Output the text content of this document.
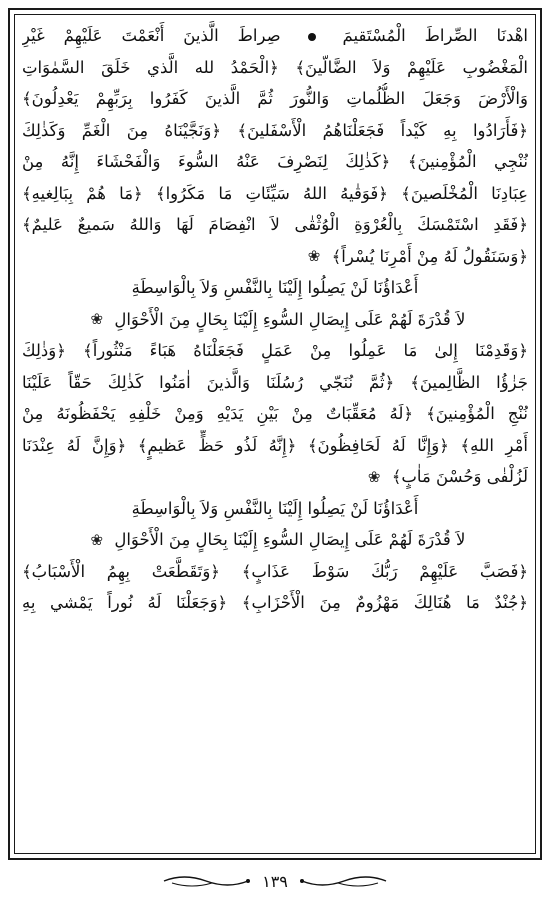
اهْدنَا الصِّراطَ الْمُسْتَقيمَ  صِراطَ الَّذينَ أَنْعَمْتَ عَلَيْهِمْ غَيْرِ
الْمَغْضُوبِ عَلَيْهِمْ وَلاَ الضَّالّينَ﴾ ﴿الْحَمْدُ لله الَّذي خَلَقَ السَّمٰوَاتِ
وَالْأَرْضَ وَجَعَلَ الظُّلُماتِ وَالنُّورَ ثُمَّ الَّذينَ كَفَرُوا بِرَبِّهِمْ يَعْدِلُونَ﴾
﴿فَأَرَادُوا بِهِ كَيْداً فَجَعَلْنَاهُمُ الْأَسْفَلينَ﴾ ﴿وَنَجَّيْنَاهُ مِنَ الْغَمِّ وَكَذٰلِكَ
نُنْجِي الْمُؤْمِنينَ﴾ ﴿كَذٰلِكَ لِنَصْرِفَ عَنْهُ السُّوءَ وَالْفَحْشَاءَ إِنَّهُ مِنْ
عِبَادِنَا الْمُخْلَصينَ﴾ ﴿فَوَقٰيهُ اللهُ سَيِّئَاتِ مَا مَكَرُوا﴾ ﴿مَا هُمْ بِبَالِغيهِ﴾
﴿فَقَدِ اسْتَمْسَكَ بِالْعُرْوَةِ الْوُثْقٰى لاَ انْفِصَامَ لَهَا وَاللهُ سَميعٌ عَليمٌ﴾
﴿وَسَنَقُولُ لَهُ مِنْ أَمْرِنَا يُسْراً﴾ ❀
أَعْدَاؤُنَا لَنْ يَصِلُوا إِلَيْنَا بِالنَّفْسِ وَلاَ بِالْوَاسِطَةِ
لاَ قُدْرَةَ لَهُمْ عَلَى إِيصَالِ السُّوءِ إِلَيْنَا بِحَالٍ مِنَ الْأَحْوَالِ ❀
﴿وَقَدِمْنَا إِلىٰ مَا عَمِلُوا مِنْ عَمَلٍ فَجَعَلْنَاهُ هَبَاءً مَنْثُوراً﴾ ﴿وَذٰلِكَ
جَزٰؤُا الظَّالِمينَ﴾ ﴿ثُمَّ نُنَجّي رُسُلَنَا وَالَّذينَ اٰمَنُوا كَذٰلِكَ حَقّاً عَلَيْنَا
نُنْجِ الْمُؤْمِنينَ﴾ ﴿لَهُ مُعَقِّبَاتٌ مِنْ بَيْنِ يَدَيْهِ وَمِنْ خَلْفِهِ يَحْفَظُونَهُ مِنْ
أَمْرِ اللهِ﴾ ﴿وَإِنَّا لَهُ لَحَافِظُونَ﴾ ﴿إِنَّهُ لَذُو حَظٍّ عَظيمٍ﴾ ﴿وَإِنَّ لَهُ عِنْدَنَا
لَزُلْفٰى وَحُسْنَ مَاٰبٍ﴾ ❀
أَعْدَاؤُنَا لَنْ يَصِلُوا إِلَيْنَا بِالنَّفْسِ وَلاَ بِالْوَاسِطَةِ
لاَ قُدْرَةَ لَهُمْ عَلَى إِيصَالِ السُّوءِ إِلَيْنَا بِحَالٍ مِنَ الْأَحْوَالِ ❀
﴿فَصَبَّ عَلَيْهِمْ رَبُّكَ سَوْطَ عَذَابٍ﴾ ﴿وَتَقَطَّعَتْ بِهِمُ الْأَسْبَابُ﴾
﴿جُنْدٌ مَا هُنَالِكَ مَهْزُومٌ مِنَ الْأَحْزَابِ﴾ ﴿وَجَعَلْنَا لَهُ نُوراً يَمْشي بِهِ
١٣٩
